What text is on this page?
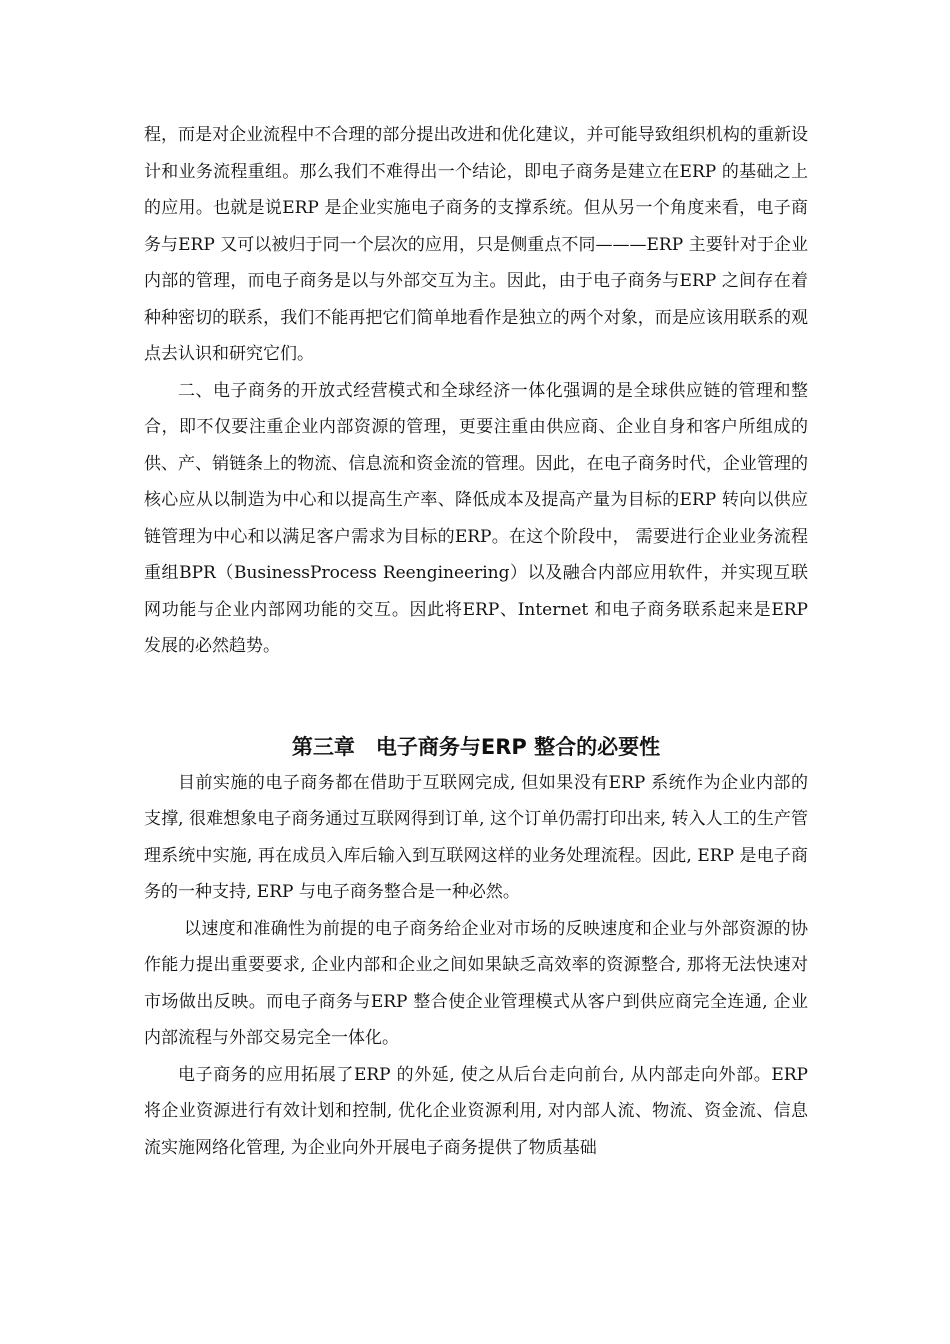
程，而是对企业流程中不合理的部分提出改进和优化建议，并可能导致组织机构的重新设计和业务流程重组。那么我们不难得出一个结论，即电子商务是建立在ERP 的基础之上的应用。也就是说ERP 是企业实施电子商务的支撑系统。但从另一个角度来看，电子商务与ERP 又可以被归于同一个层次的应用，只是侧重点不同———ERP 主要针对于企业内部的管理，而电子商务是以与外部交互为主。因此，由于电子商务与ERP 之间存在着种种密切的联系，我们不能再把它们简单地看作是独立的两个对象，而是应该用联系的观点去认识和研究它们。

二、电子商务的开放式经营模式和全球经济一体化强调的是全球供应链的管理和整合，即不仅要注重企业内部资源的管理，更要注重由供应商、企业自身和客户所组成的供、产、销链条上的物流、信息流和资金流的管理。因此，在电子商务时代，企业管理的核心应从以制造为中心和以提高生产率、降低成本及提高产量为目标的ERP 转向以供应链管理为中心和以满足客户需求为目标的ERP。在这个阶段中， 需要进行企业业务流程重组BPR（BusinessProcess Reengineering）以及融合内部应用软件，并实现互联网功能与企业内部网功能的交互。因此将ERP、Internet 和电子商务联系起来是ERP 发展的必然趋势。

第三章　电子商务与ERP 整合的必要性

目前实施的电子商务都在借助于互联网完成, 但如果没有ERP 系统作为企业内部的支撑, 很难想象电子商务通过互联网得到订单, 这个订单仍需打印出来, 转入人工的生产管理系统中实施, 再在成员入库后输入到互联网这样的业务处理流程。因此, ERP 是电子商务的一种支持, ERP 与电子商务整合是一种必然。

以速度和准确性为前提的电子商务给企业对市场的反映速度和企业与外部资源的协作能力提出重要要求, 企业内部和企业之间如果缺乏高效率的资源整合, 那将无法快速对市场做出反映。而电子商务与ERP 整合使企业管理模式从客户到供应商完全连通, 企业内部流程与外部交易完全一体化。

电子商务的应用拓展了ERP 的外延, 使之从后台走向前台, 从内部走向外部。ERP 将企业资源进行有效计划和控制, 优化企业资源利用, 对内部人流、物流、资金流、信息流实施网络化管理, 为企业向外开展电子商务提供了物质基础
